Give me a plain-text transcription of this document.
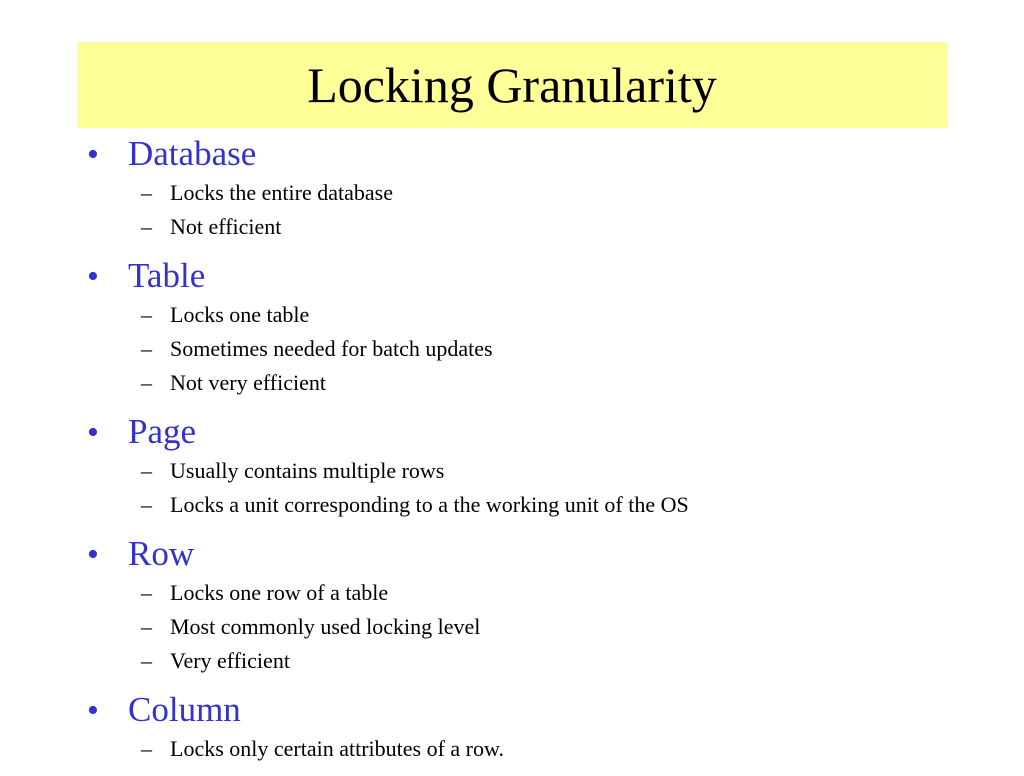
Locking Granularity
• Database
– Locks the entire database
– Not efficient
• Table
– Locks one table
– Sometimes needed for batch updates
– Not very efficient
• Page
– Usually contains multiple rows
– Locks a unit corresponding to a the working unit of the OS
• Row
– Locks one row of a table
– Most commonly used locking level
– Very efficient
• Column
– Locks only certain attributes of a row.
